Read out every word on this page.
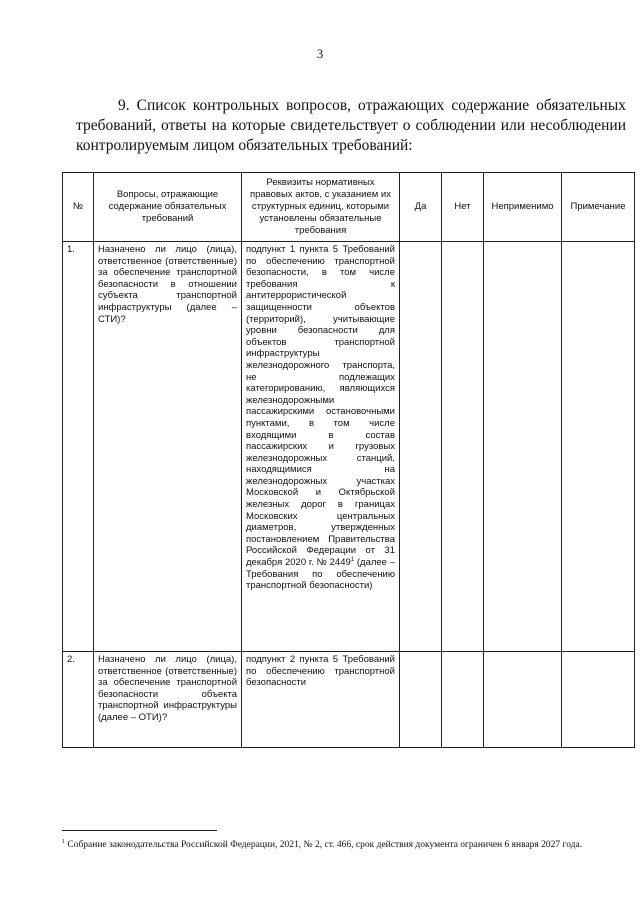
3
9. Список контрольных вопросов, отражающих содержание обязательных требований, ответы на которые свидетельствует о соблюдении или несоблюдении контролируемым лицом обязательных требований:
№	Вопросы, отражающие содержание обязательных требований	Реквизиты нормативных правовых актов, с указанием их структурных единиц, которыми установлены обязательные требования	Да	Нет	Неприменимо	Примечание
1.	Назначено ли лицо (лица), ответственное (ответственные) за обеспечение транспортной безопасности в отношении субъекта транспортной инфраструктуры (далее – СТИ)?	подпункт 1 пункта 5 Требований по обеспечению транспортной безопасности, в том числе требования к антитеррористической защищенности объектов (территорий), учитывающие уровни безопасности для объектов транспортной инфраструктуры железнодорожного транспорта, не подлежащих категорированию, являющихся железнодорожными пассажирскими остановочными пунктами, в том числе входящими в состав пассажирских и грузовых железнодорожных станций, находящимися на железнодорожных участках Московской и Октябрьской железных дорог в границах Московских центральных диаметров, утвержденных постановлением Правительства Российской Федерации от 31 декабря 2020 г. № 2449$^1$ (далее – Требования по обеспечению транспортной безопасности)				
2.	Назначено ли лицо (лица), ответственное (ответственные) за обеспечение транспортной безопасности объекта транспортной инфраструктуры (далее – ОТИ)?	подпункт 2 пункта 5 Требований по обеспечению транспортной безопасности				
$^1$ Собрание законодательства Российской Федерации, 2021, № 2, ст. 466, срок действия документа ограничен 6 января 2027 года.
